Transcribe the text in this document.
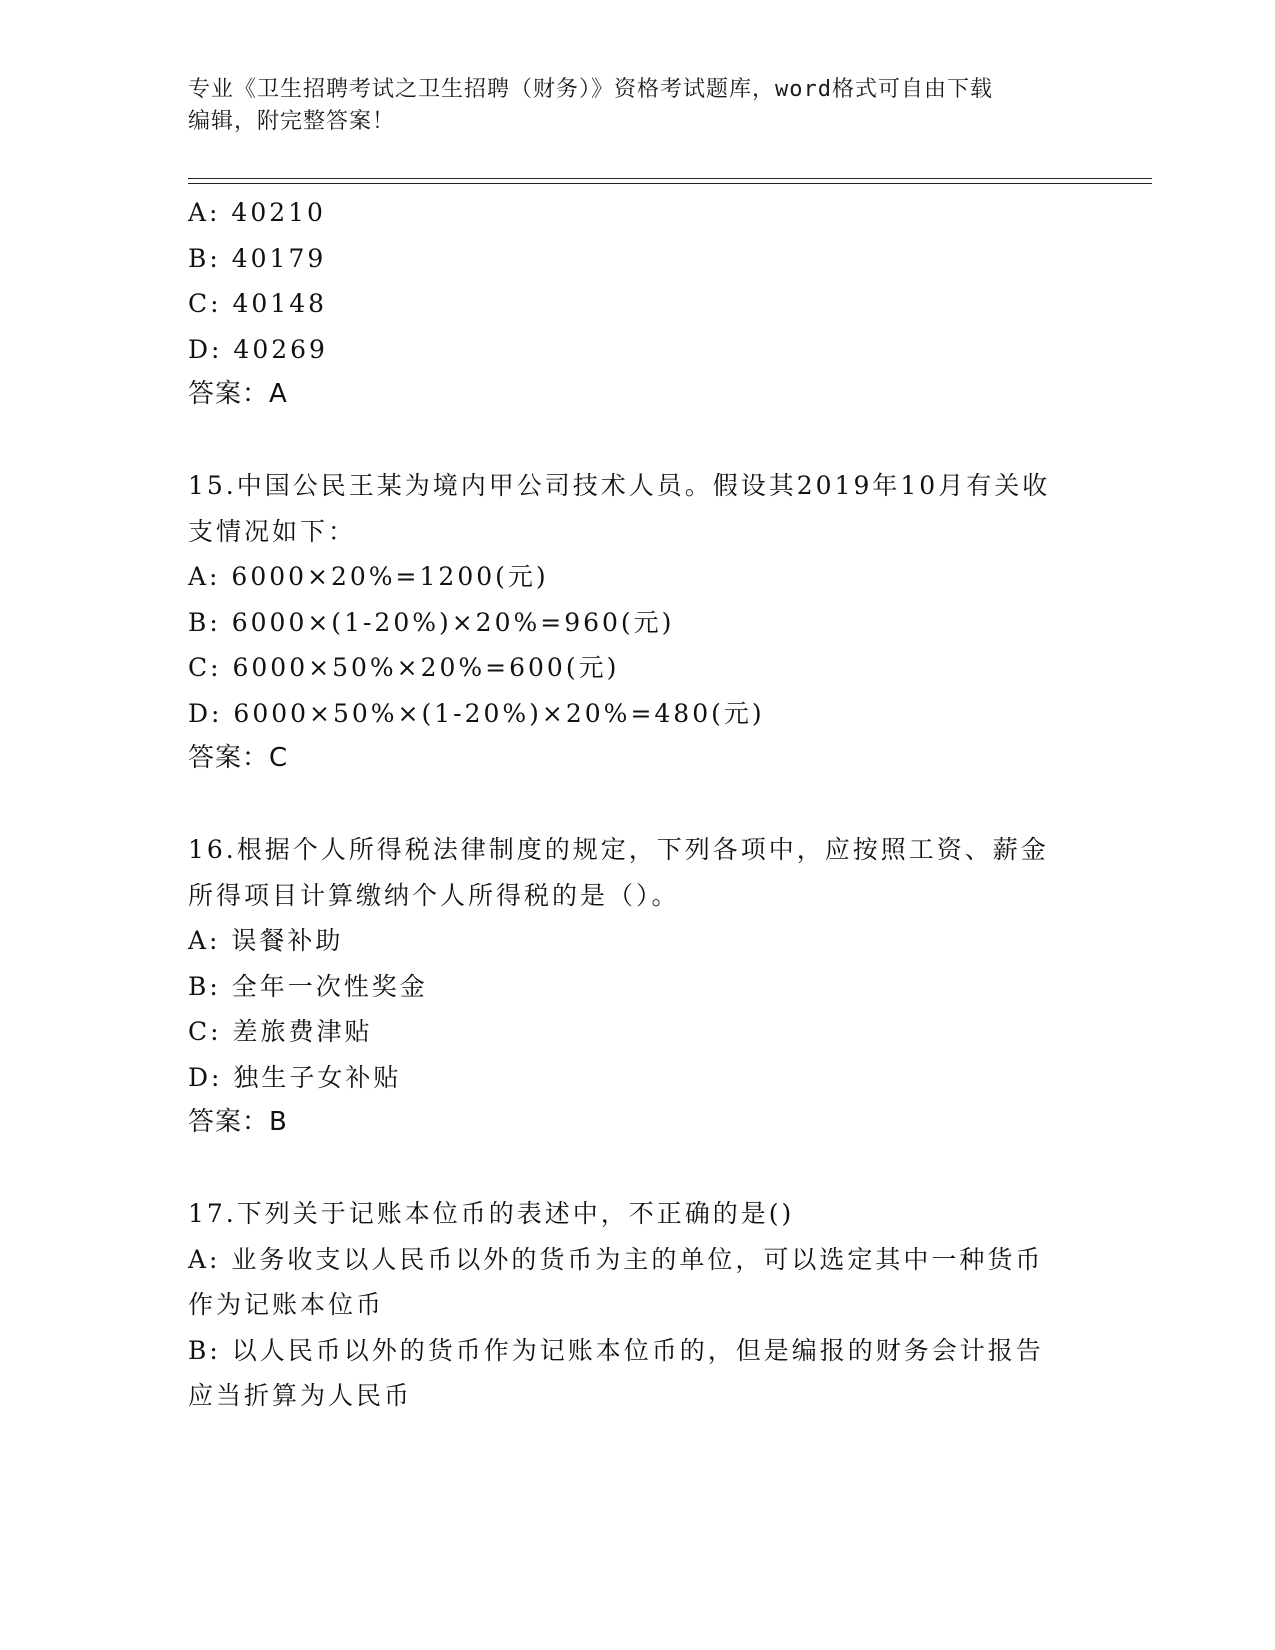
专业《卫生招聘考试之卫生招聘（财务）》资格考试题库，word格式可自由下载
编辑，附完整答案！
A: 40210
B: 40179
C: 40148
D: 40269
答案：A
15.中国公民王某为境内甲公司技术人员。假设其2019年10月有关收
支情况如下：
A: 6000×20%=1200(元)
B: 6000×(1-20%)×20%=960(元)
C: 6000×50%×20%=600(元)
D: 6000×50%×(1-20%)×20%=480(元)
答案：C
16.根据个人所得税法律制度的规定，下列各项中，应按照工资、薪金
所得项目计算缴纳个人所得税的是（）。
A: 误餐补助
B: 全年一次性奖金
C: 差旅费津贴
D: 独生子女补贴
答案：B
17.下列关于记账本位币的表述中，不正确的是()
A: 业务收支以人民币以外的货币为主的单位，可以选定其中一种货币
作为记账本位币
B: 以人民币以外的货币作为记账本位币的，但是编报的财务会计报告
应当折算为人民币
